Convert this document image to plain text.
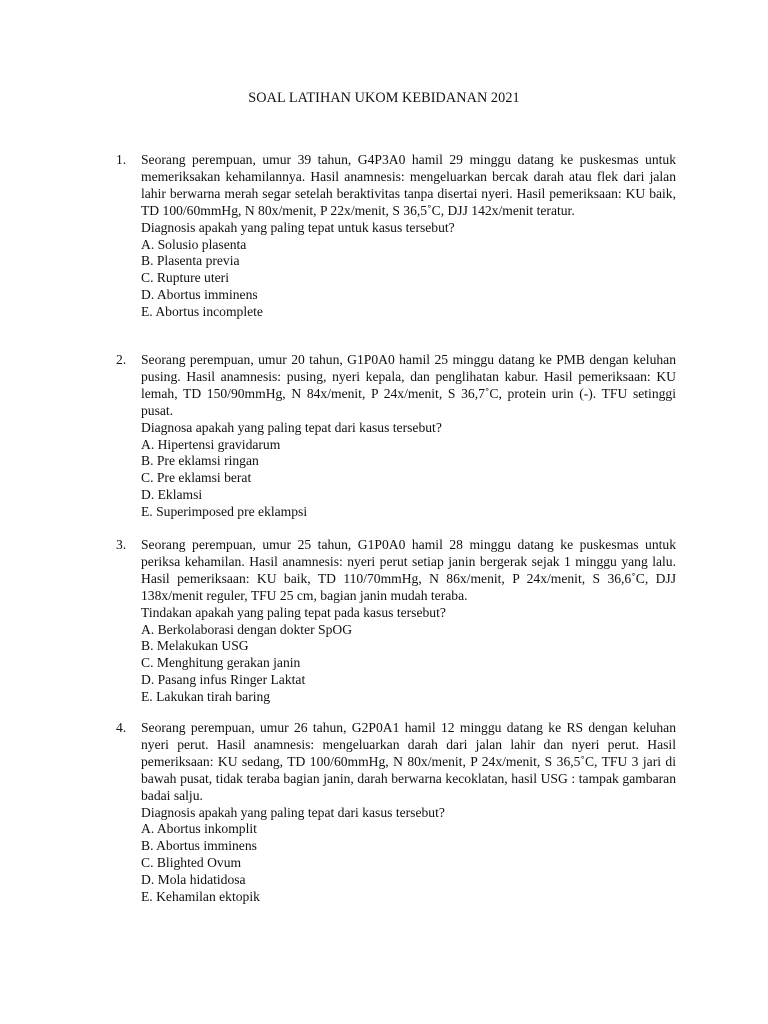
SOAL LATIHAN UKOM KEBIDANAN 2021
1.	Seorang perempuan, umur 39 tahun, G4P3A0 hamil 29 minggu datang ke puskesmas untuk memeriksakan kehamilannya. Hasil anamnesis: mengeluarkan bercak darah atau flek dari jalan lahir berwarna merah segar setelah beraktivitas tanpa disertai nyeri. Hasil pemeriksaan: KU baik, TD 100/60mmHg, N 80x/menit, P 22x/menit, S 36,5˚C, DJJ 142x/menit teratur.
Diagnosis apakah yang paling tepat untuk kasus tersebut?
A. Solusio plasenta
B. Plasenta previa
C. Rupture uteri
D. Abortus imminens
E. Abortus incomplete
2.	Seorang perempuan, umur 20 tahun, G1P0A0 hamil 25 minggu datang ke PMB dengan keluhan pusing. Hasil anamnesis: pusing, nyeri kepala, dan penglihatan kabur. Hasil pemeriksaan: KU lemah, TD 150/90mmHg, N 84x/menit, P 24x/menit, S 36,7˚C, protein urin (-). TFU setinggi pusat.
Diagnosa apakah yang paling tepat dari kasus tersebut?
A. Hipertensi gravidarum
B. Pre eklamsi ringan
C. Pre eklamsi berat
D. Eklamsi
E. Superimposed pre eklampsi
3.	Seorang perempuan, umur 25 tahun, G1P0A0 hamil 28 minggu datang ke puskesmas untuk periksa kehamilan. Hasil anamnesis: nyeri perut setiap janin bergerak sejak 1 minggu yang lalu. Hasil pemeriksaan: KU baik, TD 110/70mmHg, N 86x/menit, P 24x/menit, S 36,6˚C, DJJ 138x/menit reguler, TFU 25 cm, bagian janin mudah teraba.
Tindakan apakah yang paling tepat pada kasus tersebut?
A. Berkolaborasi dengan dokter SpOG
B. Melakukan USG
C. Menghitung gerakan janin
D. Pasang infus Ringer Laktat
E. Lakukan tirah baring
4.	Seorang perempuan, umur 26 tahun, G2P0A1 hamil 12 minggu datang ke RS dengan keluhan nyeri perut. Hasil anamnesis: mengeluarkan darah dari jalan lahir dan nyeri perut. Hasil pemeriksaan: KU sedang, TD 100/60mmHg, N 80x/menit, P 24x/menit, S 36,5˚C, TFU 3 jari di bawah pusat, tidak teraba bagian janin, darah berwarna kecoklatan, hasil USG : tampak gambaran badai salju.
Diagnosis apakah yang paling tepat dari kasus tersebut?
A. Abortus inkomplit
B. Abortus imminens
C. Blighted Ovum
D. Mola hidatidosa
E. Kehamilan ektopik
